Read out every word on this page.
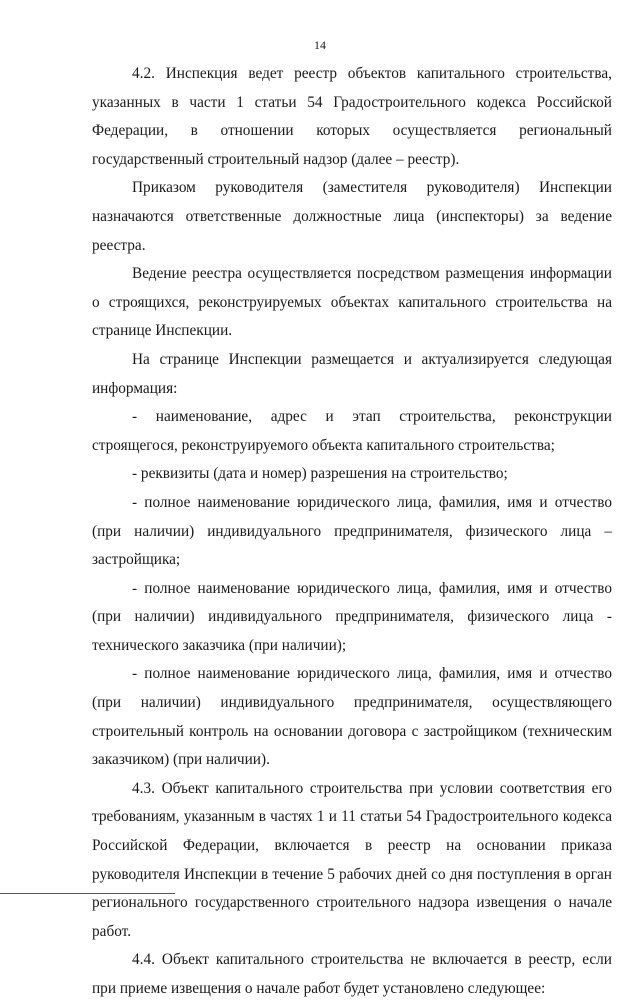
14

4.2. Инспекция ведет реестр объектов капитального строительства, указанных в части 1 статьи 54 Градостроительного кодекса Российской Федерации, в отношении которых осуществляется региональный государственный строительный надзор (далее – реестр).

Приказом руководителя (заместителя руководителя) Инспекции назначаются ответственные должностные лица (инспекторы) за ведение реестра.

Ведение реестра осуществляется посредством размещения информации о строящихся, реконструируемых объектах капитального строительства на странице Инспекции.

На странице Инспекции размещается и актуализируется следующая информация:

- наименование, адрес и этап строительства, реконструкции строящегося, реконструируемого объекта капитального строительства;

- реквизиты (дата и номер) разрешения на строительство;

- полное наименование юридического лица, фамилия, имя и отчество (при наличии) индивидуального предпринимателя, физического лица – застройщика;

- полное наименование юридического лица, фамилия, имя и отчество (при наличии) индивидуального предпринимателя, физического лица - технического заказчика (при наличии);

- полное наименование юридического лица, фамилия, имя и отчество (при наличии) индивидуального предпринимателя, осуществляющего строительный контроль на основании договора с застройщиком (техническим заказчиком) (при наличии).

4.3. Объект капитального строительства при условии соответствия его требованиям, указанным в частях 1 и 11 статьи 54 Градостроительного кодекса Российской Федерации, включается в реестр на основании приказа руководителя Инспекции в течение 5 рабочих дней со дня поступления в орган регионального государственного строительного надзора извещения о начале работ.

4.4. Объект капитального строительства не включается в реестр, если при приеме извещения о начале работ будет установлено следующее:
